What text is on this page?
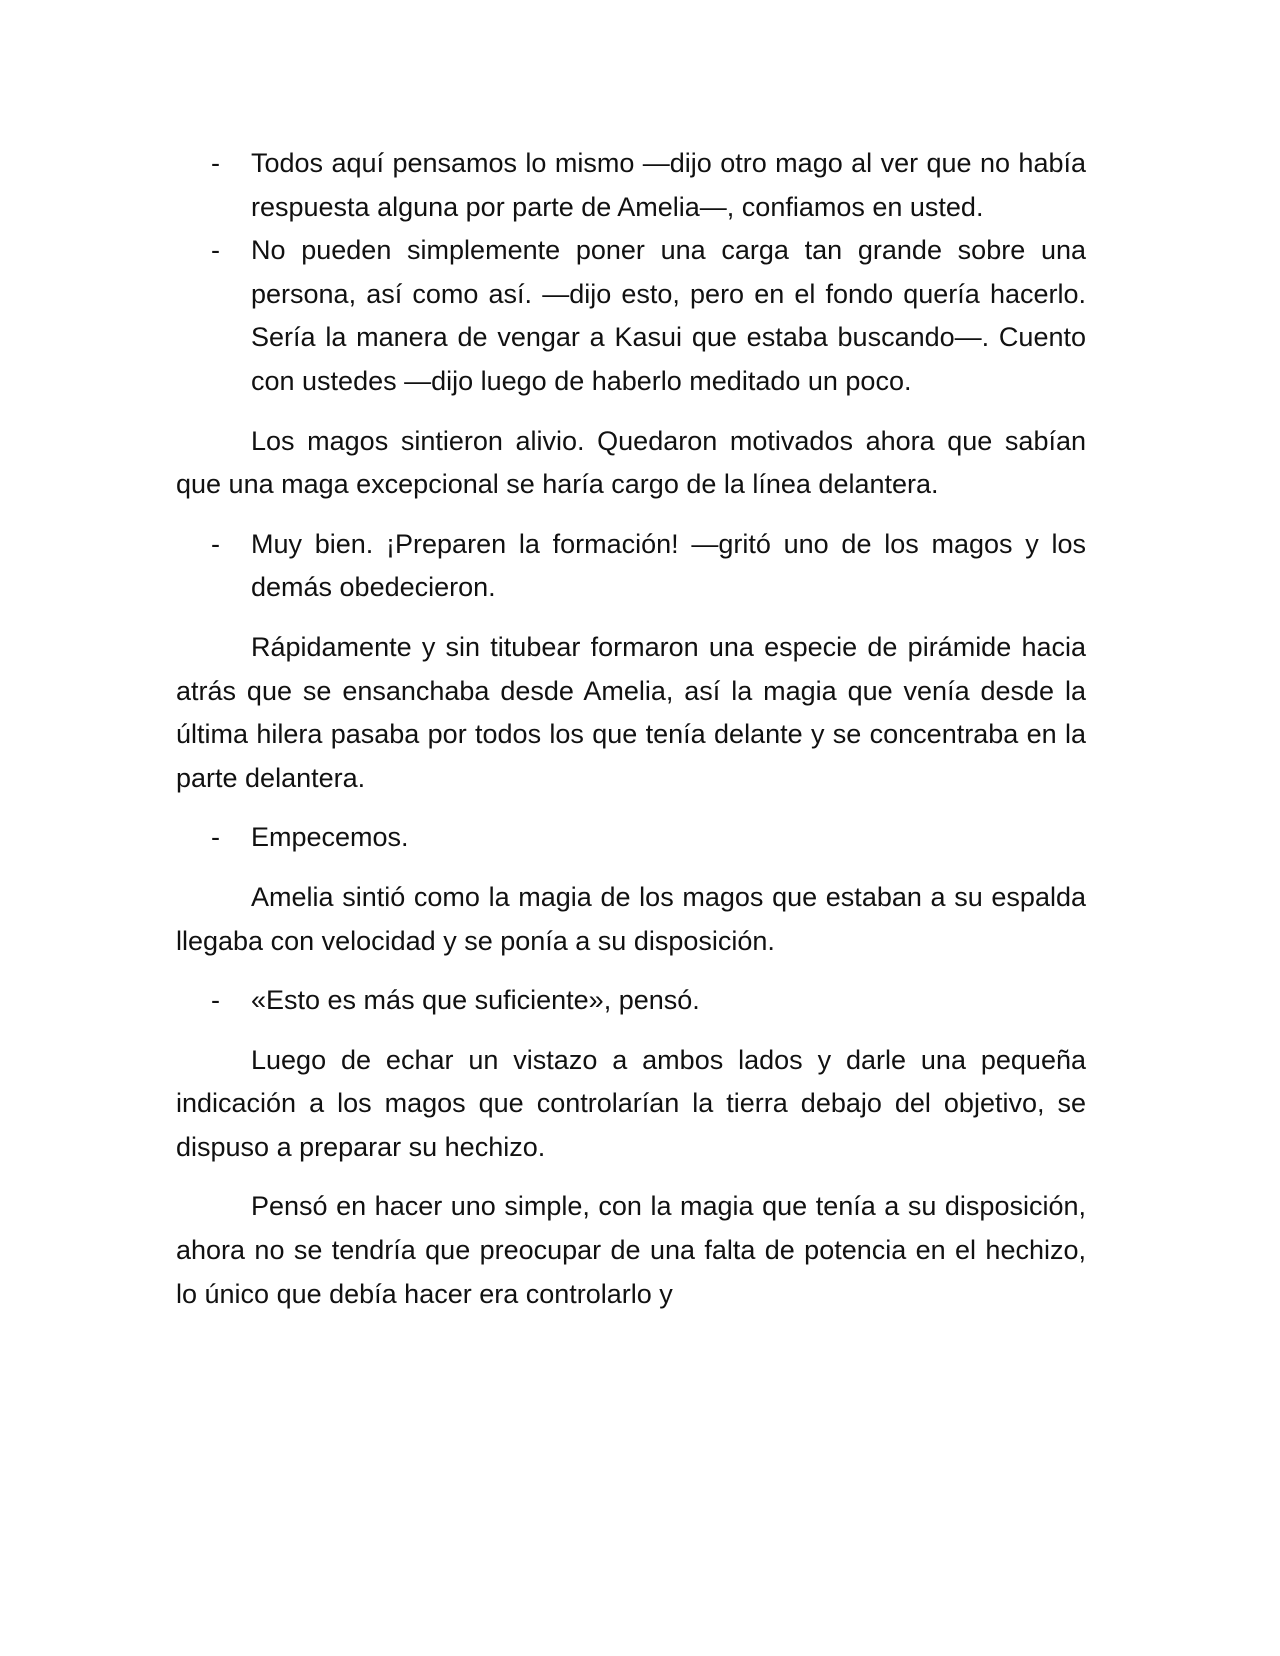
- Todos aquí pensamos lo mismo —dijo otro mago al ver que no había respuesta alguna por parte de Amelia—, confiamos en usted.
- No pueden simplemente poner una carga tan grande sobre una persona, así como así. —dijo esto, pero en el fondo quería hacerlo. Sería la manera de vengar a Kasui que estaba buscando—. Cuento con ustedes —dijo luego de haberlo meditado un poco.

Los magos sintieron alivio. Quedaron motivados ahora que sabían que una maga excepcional se haría cargo de la línea delantera.

- Muy bien. ¡Preparen la formación! —gritó uno de los magos y los demás obedecieron.

Rápidamente y sin titubear formaron una especie de pirámide hacia atrás que se ensanchaba desde Amelia, así la magia que venía desde la última hilera pasaba por todos los que tenía delante y se concentraba en la parte delantera.

- Empecemos.

Amelia sintió como la magia de los magos que estaban a su espalda llegaba con velocidad y se ponía a su disposición.

- «Esto es más que suficiente», pensó.

Luego de echar un vistazo a ambos lados y darle una pequeña indicación a los magos que controlarían la tierra debajo del objetivo, se dispuso a preparar su hechizo.

Pensó en hacer uno simple, con la magia que tenía a su disposición, ahora no se tendría que preocupar de una falta de potencia en el hechizo, lo único que debía hacer era controlarlo y
